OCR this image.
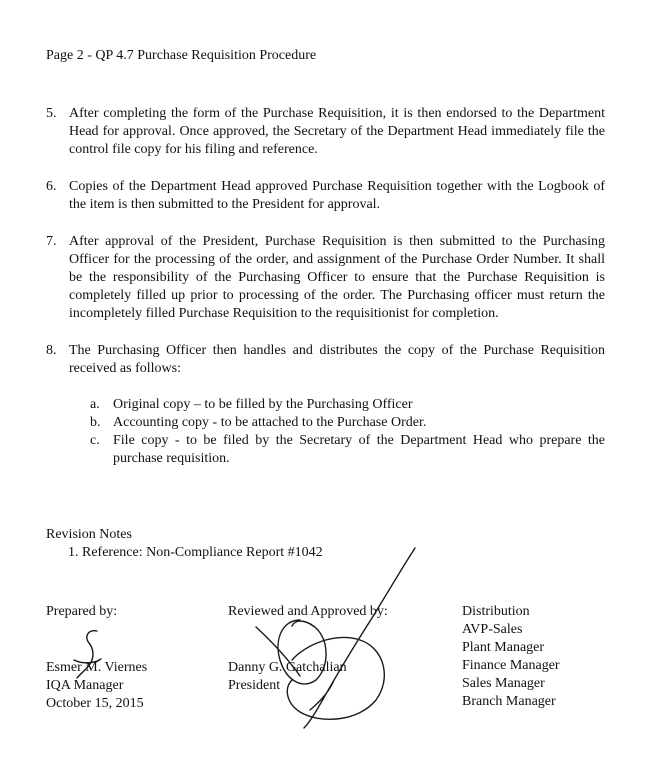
Page 2 - QP 4.7 Purchase Requisition Procedure
5. After completing the form of the Purchase Requisition, it is then endorsed to the Department Head for approval. Once approved, the Secretary of the Department Head immediately file the control file copy for his filing and reference.
6. Copies of the Department Head approved Purchase Requisition together with the Logbook of the item is then submitted to the President for approval.
7. After approval of the President, Purchase Requisition is then submitted to the Purchasing Officer for the processing of the order, and assignment of the Purchase Order Number. It shall be the responsibility of the Purchasing Officer to ensure that the Purchase Requisition is completely filled up prior to processing of the order. The Purchasing officer must return the incompletely filled Purchase Requisition to the requisitionist for completion.
8. The Purchasing Officer then handles and distributes the copy of the Purchase Requisition received as follows:
a. Original copy – to be filled by the Purchasing Officer
b. Accounting copy - to be attached to the Purchase Order.
c. File copy - to be filed by the Secretary of the Department Head who prepare the purchase requisition.
Revision Notes
1. Reference: Non-Compliance Report #1042
Prepared by:
Esmer M. Viernes
IQA Manager
October 15, 2015
Reviewed and Approved by:
Danny G. Gatchalian
President
Distribution
AVP-Sales
Plant Manager
Finance Manager
Sales Manager
Branch Manager
